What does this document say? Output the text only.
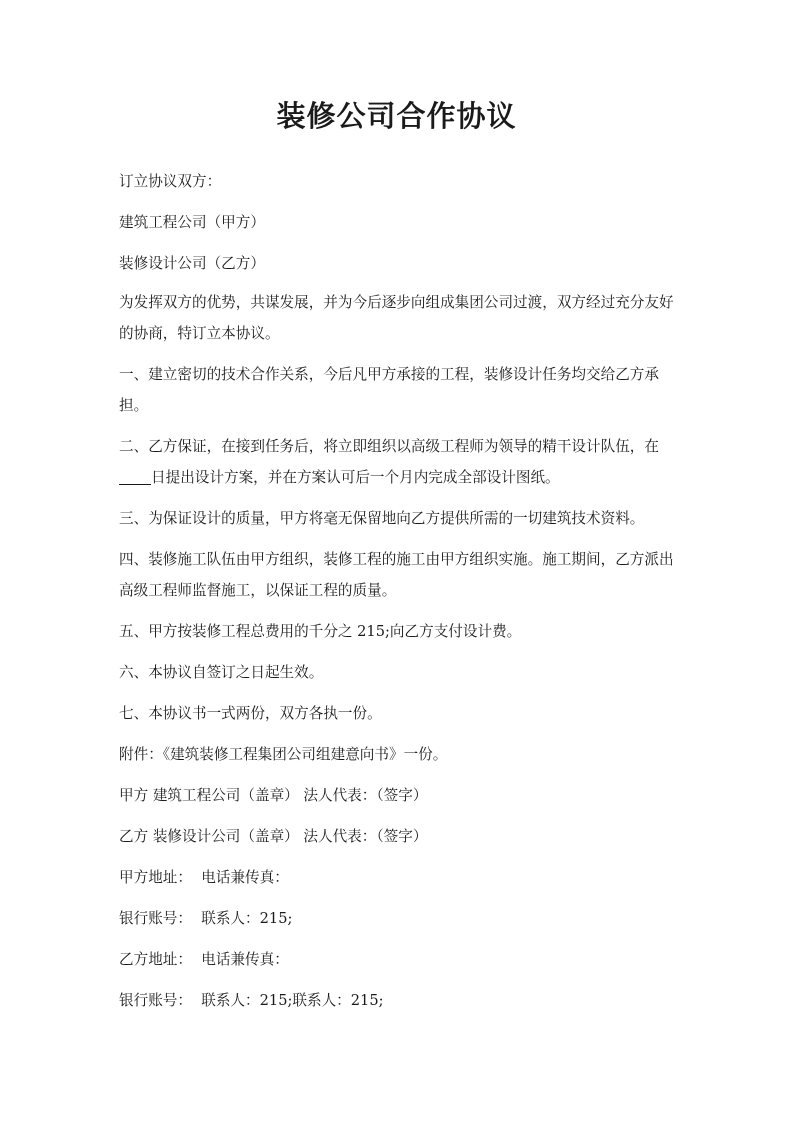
装修公司合作协议

订立协议双方：

建筑工程公司（甲方）

装修设计公司（乙方）

为发挥双方的优势，共谋发展，并为今后逐步向组成集团公司过渡，双方经过充分友好的协商，特订立本协议。

一、建立密切的技术合作关系，今后凡甲方承接的工程，装修设计任务均交给乙方承担。

二、乙方保证，在接到任务后，将立即组织以高级工程师为领导的精干设计队伍，在日提出设计方案，并在方案认可后一个月内完成全部设计图纸。

三、为保证设计的质量，甲方将毫无保留地向乙方提供所需的一切建筑技术资料。

四、装修施工队伍由甲方组织，装修工程的施工由甲方组织实施。施工期间，乙方派出高级工程师监督施工，以保证工程的质量。

五、甲方按装修工程总费用的千分之 215;向乙方支付设计费。

六、本协议自签订之日起生效。

七、本协议书一式两份，双方各执一份。

附件：《建筑装修工程集团公司组建意向书》一份。

甲方 建筑工程公司（盖章） 法人代表：（签字）

乙方 装修设计公司（盖章） 法人代表：（签字）

甲方地址：  电话兼传真：

银行账号：  联系人：215;

乙方地址：  电话兼传真：

银行账号：  联系人：215;联系人：215;
